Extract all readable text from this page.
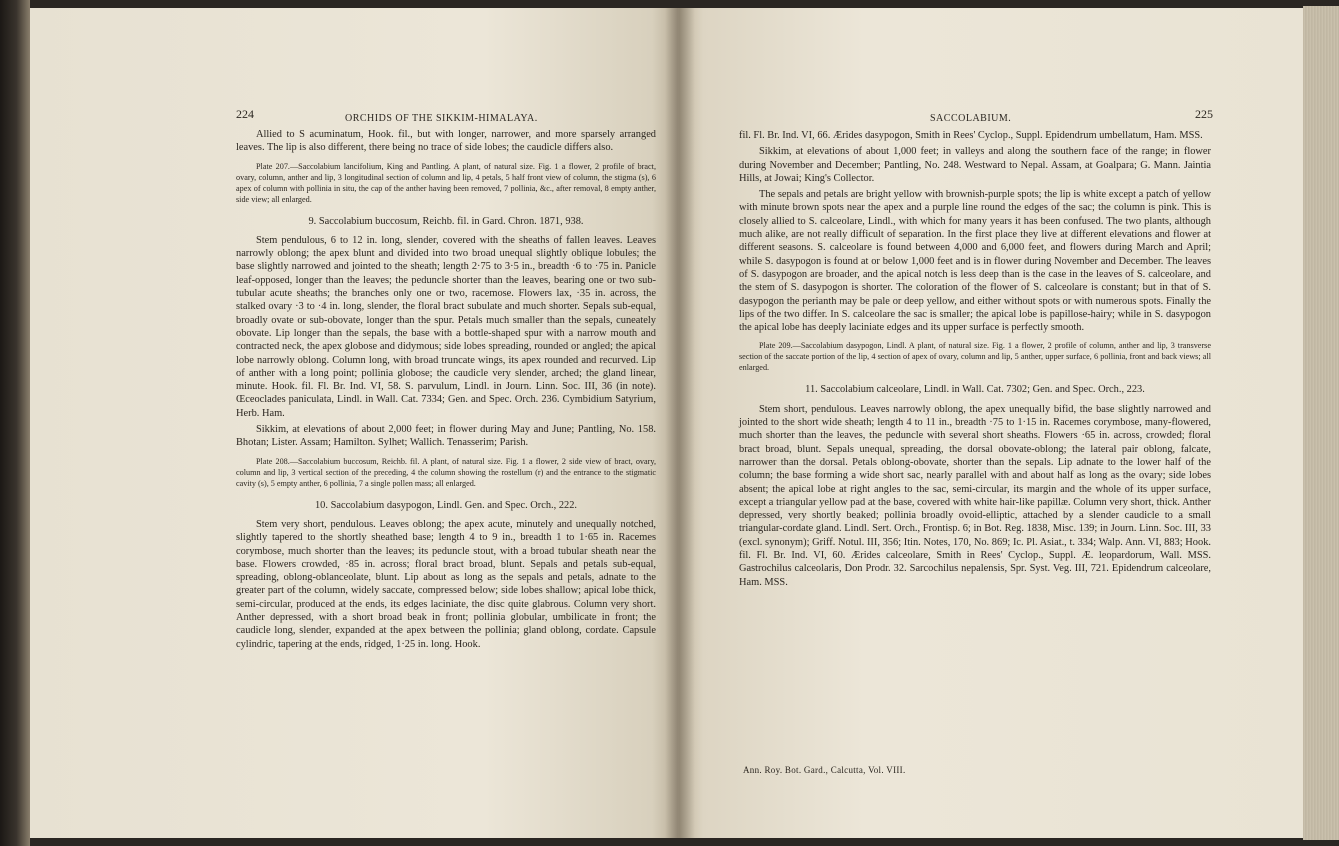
224	ORCHIDS OF THE SIKKIM-HIMALAYA.

Allied to S acuminatum, Hook. fil., but with longer, narrower, and more sparsely arranged leaves. The lip is also different, there being no trace of side lobes; the caudicle differs also.

Plate 207.—Saccolabium lancifolium, King and Pantling. A plant, of natural size. Fig. 1 a flower, 2 profile of bract, ovary, column, anther and lip, 3 longitudinal section of column and lip, 4 petals, 5 half front view of column, the stigma (s), 6 apex of column with pollinia in situ, the cap of the anther having been removed, 7 pollinia, &c., after removal, 8 empty anther, side view; all enlarged.

9. Saccolabium buccosum, Reichb. fil. in Gard. Chron. 1871, 938.

Stem pendulous, 6 to 12 in. long, slender, covered with the sheaths of fallen leaves. Leaves narrowly oblong; the apex blunt and divided into two broad unequal slightly oblique lobules; the base slightly narrowed and jointed to the sheath; length 2·75 to 3·5 in., breadth ·6 to ·75 in. Panicle leaf-opposed, longer than the leaves; the peduncle shorter than the leaves, bearing one or two sub-tubular acute sheaths; the branches only one or two, racemose. Flowers lax, ·35 in. across, the stalked ovary ·3 to ·4 in. long, slender, the floral bract subulate and much shorter. Sepals sub-equal, broadly ovate or sub-obovate, longer than the spur. Petals much smaller than the sepals, cuneately obovate. Lip longer than the sepals, the base with a bottle-shaped spur with a narrow mouth and contracted neck, the apex globose and didymous; side lobes spreading, rounded or angled; the apical lobe narrowly oblong. Column long, with broad truncate wings, its apex rounded and recurved. Lip of anther with a long point; pollinia globose; the caudicle very slender, arched; the gland linear, minute. Hook. fil. Fl. Br. Ind. VI, 58. S. parvulum, Lindl. in Journ. Linn. Soc. III, 36 (in note). Œceoclades paniculata, Lindl. in Wall. Cat. 7334; Gen. and Spec. Orch. 236. Cymbidium Satyrium, Herb. Ham.

Sikkim, at elevations of about 2,000 feet; in flower during May and June; Pantling, No. 158. Bhotan; Lister. Assam; Hamilton. Sylhet; Wallich. Tenasserim; Parish.

Plate 208.—Saccolabium buccosum, Reichb. fil. A plant, of natural size. Fig. 1 a flower, 2 side view of bract, ovary, column and lip, 3 vertical section of the preceding, 4 the column showing the rostellum (r) and the entrance to the stigmatic cavity (s), 5 empty anther, 6 pollinia, 7 a single pollen mass; all enlarged.

10. Saccolabium dasypogon, Lindl. Gen. and Spec. Orch., 222.

Stem very short, pendulous. Leaves oblong; the apex acute, minutely and unequally notched, slightly tapered to the shortly sheathed base; length 4 to 9 in., breadth 1 to 1·65 in. Racemes corymbose, much shorter than the leaves; its peduncle stout, with a broad tubular sheath near the base. Flowers crowded, ·85 in. across; floral bract broad, blunt. Sepals and petals sub-equal, spreading, oblong-oblanceolate, blunt. Lip about as long as the sepals and petals, adnate to the greater part of the column, widely saccate, compressed below; side lobes shallow; apical lobe thick, semi-circular, produced at the ends, its edges laciniate, the disc quite glabrous. Column very short. Anther depressed, with a short broad beak in front; pollinia globular, umbilicate in front; the caudicle long, slender, expanded at the apex between the pollinia; gland oblong, cordate. Capsule cylindric, tapering at the ends, ridged, 1·25 in. long. Hook.

SACCOLABIUM.	225

fil. Fl. Br. Ind. VI, 66. Ærides dasypogon, Smith in Rees' Cyclop., Suppl. Epidendrum umbellatum, Ham. MSS.

Sikkim, at elevations of about 1,000 feet; in valleys and along the southern face of the range; in flower during November and December; Pantling, No. 248. Westward to Nepal. Assam, at Goalpara; G. Mann. Jaintia Hills, at Jowai; King's Collector.

The sepals and petals are bright yellow with brownish-purple spots; the lip is white except a patch of yellow with minute brown spots near the apex and a purple line round the edges of the sac; the column is pink. This is closely allied to S. calceolare, Lindl., with which for many years it has been confused. The two plants, although much alike, are not really difficult of separation. In the first place they live at different elevations and flower at different seasons. S. calceolare is found between 4,000 and 6,000 feet, and flowers during March and April; while S. dasypogon is found at or below 1,000 feet and is in flower during November and December. The leaves of S. dasypogon are broader, and the apical notch is less deep than is the case in the leaves of S. calceolare, and the stem of S. dasypogon is shorter. The coloration of the flower of S. calceolare is constant; but in that of S. dasypogon the perianth may be pale or deep yellow, and either without spots or with numerous spots. Finally the lips of the two differ. In S. calceolare the sac is smaller; the apical lobe is papillose-hairy; while in S. dasypogon the apical lobe has deeply laciniate edges and its upper surface is perfectly smooth.

Plate 209.—Saccolabium dasypogon, Lindl. A plant, of natural size. Fig. 1 a flower, 2 profile of column, anther and lip, 3 transverse section of the saccate portion of the lip, 4 section of apex of ovary, column and lip, 5 anther, upper surface, 6 pollinia, front and back views; all enlarged.

11. Saccolabium calceolare, Lindl. in Wall. Cat. 7302; Gen. and Spec. Orch., 223.

Stem short, pendulous. Leaves narrowly oblong, the apex unequally bifid, the base slightly narrowed and jointed to the short wide sheath; length 4 to 11 in., breadth ·75 to 1·15 in. Racemes corymbose, many-flowered, much shorter than the leaves, the peduncle with several short sheaths. Flowers ·65 in. across, crowded; floral bract broad, blunt. Sepals unequal, spreading, the dorsal obovate-oblong; the lateral pair oblong, falcate, narrower than the dorsal. Petals oblong-obovate, shorter than the sepals. Lip adnate to the lower half of the column; the base forming a wide short sac, nearly parallel with and about half as long as the ovary; side lobes absent; the apical lobe at right angles to the sac, semi-circular, its margin and the whole of its upper surface, except a triangular yellow pad at the base, covered with white hair-like papillæ. Column very short, thick. Anther depressed, very shortly beaked; pollinia broadly ovoid-elliptic, attached by a slender caudicle to a small triangular-cordate gland. Lindl. Sert. Orch., Frontisp. 6; in Bot. Reg. 1838, Misc. 139; in Journ. Linn. Soc. III, 33 (excl. synonym); Griff. Notul. III, 356; Itin. Notes, 170, No. 869; Ic. Pl. Asiat., t. 334; Walp. Ann. VI, 883; Hook. fil. Fl. Br. Ind. VI, 60. Ærides calceolare, Smith in Rees' Cyclop., Suppl. Æ. leopardorum, Wall. MSS. Gastrochilus calceolaris, Don Prodr. 32. Sarcochilus nepalensis, Spr. Syst. Veg. III, 721. Epidendrum calceolare, Ham. MSS.

Ann. Roy. Bot. Gard., Calcutta, Vol. VIII.
